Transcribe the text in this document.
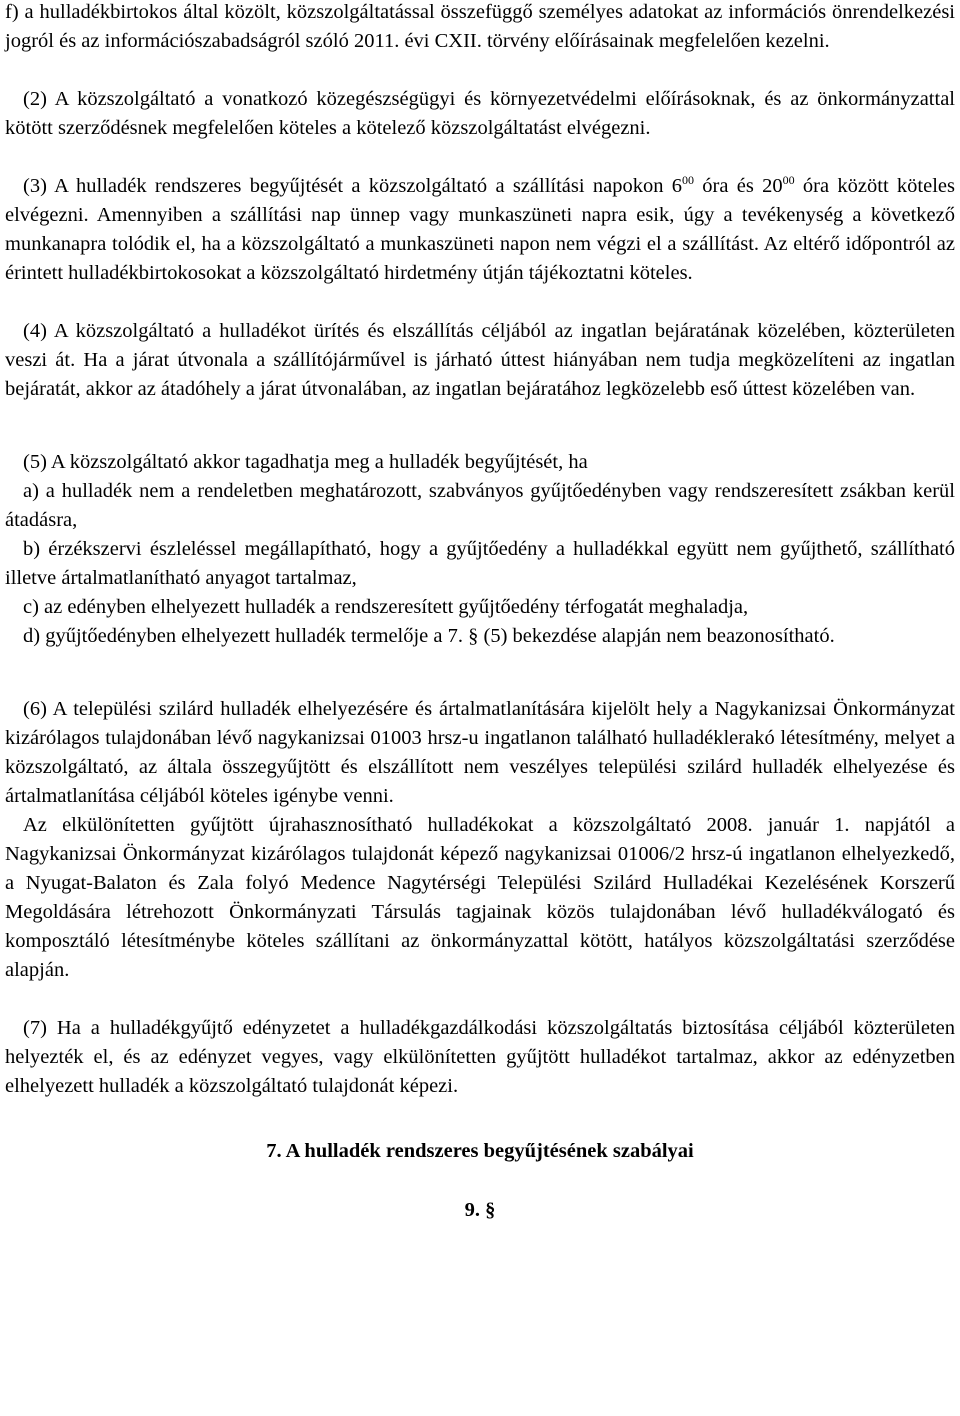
f) a hulladékbirtokos által közölt, közszolgáltatással összefüggő személyes adatokat az információs önrendelkezési jogról és az információszabadságról szóló 2011. évi CXII. törvény előírásainak megfelelően kezelni.

(2) A közszolgáltató a vonatkozó közegészségügyi és környezetvédelmi előírásoknak, és az önkormányzattal kötött szerződésnek megfelelően köteles a kötelező közszolgáltatást elvégezni.

(3) A hulladék rendszeres begyűjtését a közszolgáltató a szállítási napokon $6^{00}$ óra és $20^{00}$ óra között köteles elvégezni. Amennyiben a szállítási nap ünnep vagy munkaszüneti napra esik, úgy a tevékenység a következő munkanapra tolódik el, ha a közszolgáltató a munkaszüneti napon nem végzi el a szállítást. Az eltérő időpontról az érintett hulladékbirtokosokat a közszolgáltató hirdetmény útján tájékoztatni köteles.

(4) A közszolgáltató a hulladékot ürítés és elszállítás céljából az ingatlan bejáratának közelében, közterületen veszi át. Ha a járat útvonala a szállítójárművel is járható úttest hiányában nem tudja megközelíteni az ingatlan bejáratát, akkor az átadóhely a járat útvonalában, az ingatlan bejáratához legközelebb eső úttest közelében van.

(5) A közszolgáltató akkor tagadhatja meg a hulladék begyűjtését, ha

a) a hulladék nem a rendeletben meghatározott, szabványos gyűjtőedényben vagy rendszeresített zsákban kerül átadásra,

b) érzékszervi észleléssel megállapítható, hogy a gyűjtőedény a hulladékkal együtt nem gyűjthető, szállítható illetve ártalmatlanítható anyagot tartalmaz,

c) az edényben elhelyezett hulladék a rendszeresített gyűjtőedény térfogatát meghaladja,

d) gyűjtőedényben elhelyezett hulladék termelője a 7. § (5) bekezdése alapján nem beazonosítható.

(6) A települési szilárd hulladék elhelyezésére és ártalmatlanítására kijelölt hely a Nagykanizsai Önkormányzat kizárólagos tulajdonában lévő nagykanizsai 01003 hrsz-u ingatlanon található hulladéklerakó létesítmény, melyet a közszolgáltató, az általa összegyűjtött és elszállított nem veszélyes települési szilárd hulladék elhelyezése és ártalmatlanítása céljából köteles igénybe venni.

Az elkülönítetten gyűjtött újrahasznosítható hulladékokat a közszolgáltató 2008. január 1. napjától a Nagykanizsai Önkormányzat kizárólagos tulajdonát képező nagykanizsai 01006/2 hrsz-ú ingatlanon elhelyezkedő, a Nyugat-Balaton és Zala folyó Medence Nagytérségi Települési Szilárd Hulladékai Kezelésének Korszerű Megoldására létrehozott Önkormányzati Társulás tagjainak közös tulajdonában lévő hulladékválogató és komposztáló létesítménybe köteles szállítani az önkormányzattal kötött, hatályos közszolgáltatási szerződése alapján.

(7) Ha a hulladékgyűjtő edényzetet a hulladékgazdálkodási közszolgáltatás biztosítása céljából közterületen helyezték el, és az edényzet vegyes, vagy elkülönítetten gyűjtött hulladékot tartalmaz, akkor az edényzetben elhelyezett hulladék a közszolgáltató tulajdonát képezi.

7. A hulladék rendszeres begyűjtésének szabályai

9. §
